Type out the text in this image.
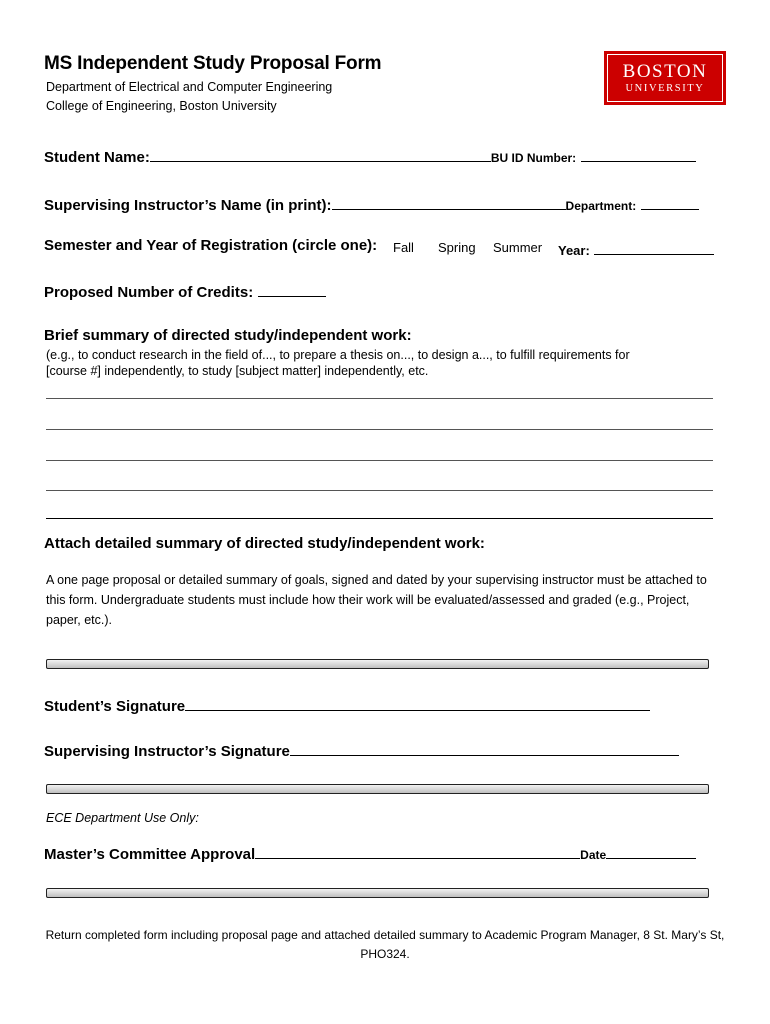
MS Independent Study Proposal Form
Department of Electrical and Computer Engineering
College of Engineering, Boston University
BOSTON
UNIVERSITY
Student Name:	BU ID Number:
Supervising Instructor’s Name (in print):	Department:
Semester and Year of Registration (circle one): Fall Spring Summer Year:
Proposed Number of Credits:
Brief summary of directed study/independent work:
(e.g., to conduct research in the field of..., to prepare a thesis on..., to design a..., to fulfill requirements for
[course #] independently, to study [subject matter] independently, etc.
Attach detailed summary of directed study/independent work:
A one page proposal or detailed summary of goals, signed and dated by your supervising instructor must be attached to this form. Undergraduate students must include how their work will be evaluated/assessed and graded (e.g., Project, paper, etc.).
Student’s Signature
Supervising Instructor’s Signature
ECE Department Use Only:
Master’s Committee Approval	Date
Return completed form including proposal page and attached detailed summary to Academic Program Manager, 8 St. Mary’s St, PHO324.
